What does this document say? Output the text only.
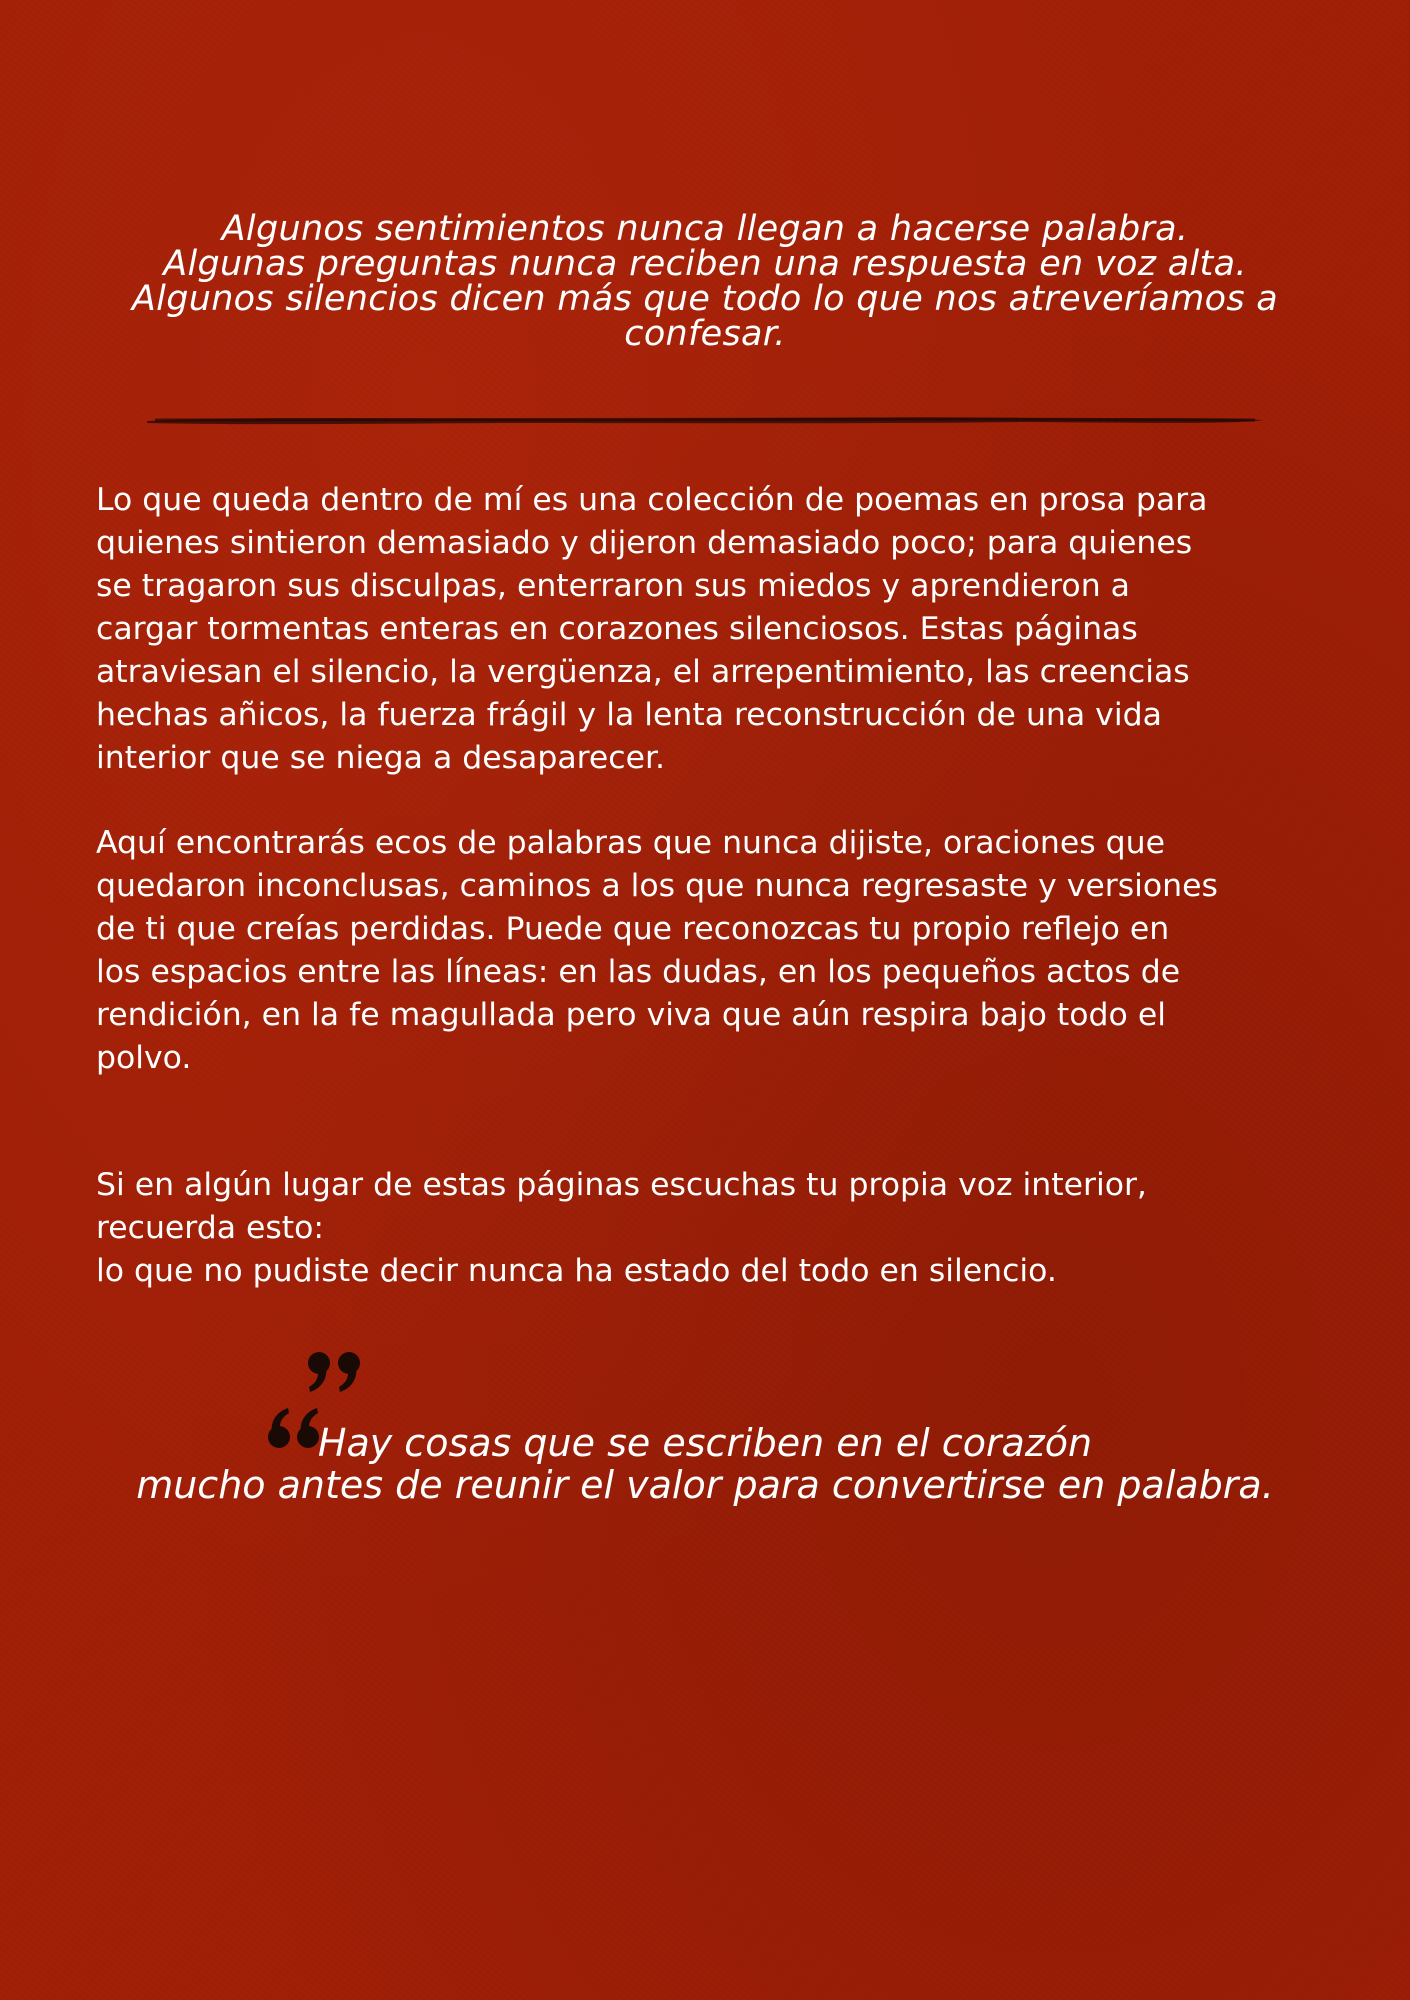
Algunos sentimientos nunca llegan a hacerse palabra.
Algunas preguntas nunca reciben una respuesta en voz alta.
Algunos silencios dicen más que todo lo que nos atreveríamos a
confesar.
Lo que queda dentro de mí es una colección de poemas en prosa para
quienes sintieron demasiado y dijeron demasiado poco; para quienes
se tragaron sus disculpas, enterraron sus miedos y aprendieron a
cargar tormentas enteras en corazones silenciosos. Estas páginas
atraviesan el silencio, la vergüenza, el arrepentimiento, las creencias
hechas añicos, la fuerza frágil y la lenta reconstrucción de una vida
interior que se niega a desaparecer.
Aquí encontrarás ecos de palabras que nunca dijiste, oraciones que
quedaron inconclusas, caminos a los que nunca regresaste y versiones
de ti que creías perdidas. Puede que reconozcas tu propio reflejo en
los espacios entre las líneas: en las dudas, en los pequeños actos de
rendición, en la fe magullada pero viva que aún respira bajo todo el
polvo.
Si en algún lugar de estas páginas escuchas tu propia voz interior,
recuerda esto:
lo que no pudiste decir nunca ha estado del todo en silencio.
Hay cosas que se escriben en el corazón
mucho antes de reunir el valor para convertirse en palabra.
